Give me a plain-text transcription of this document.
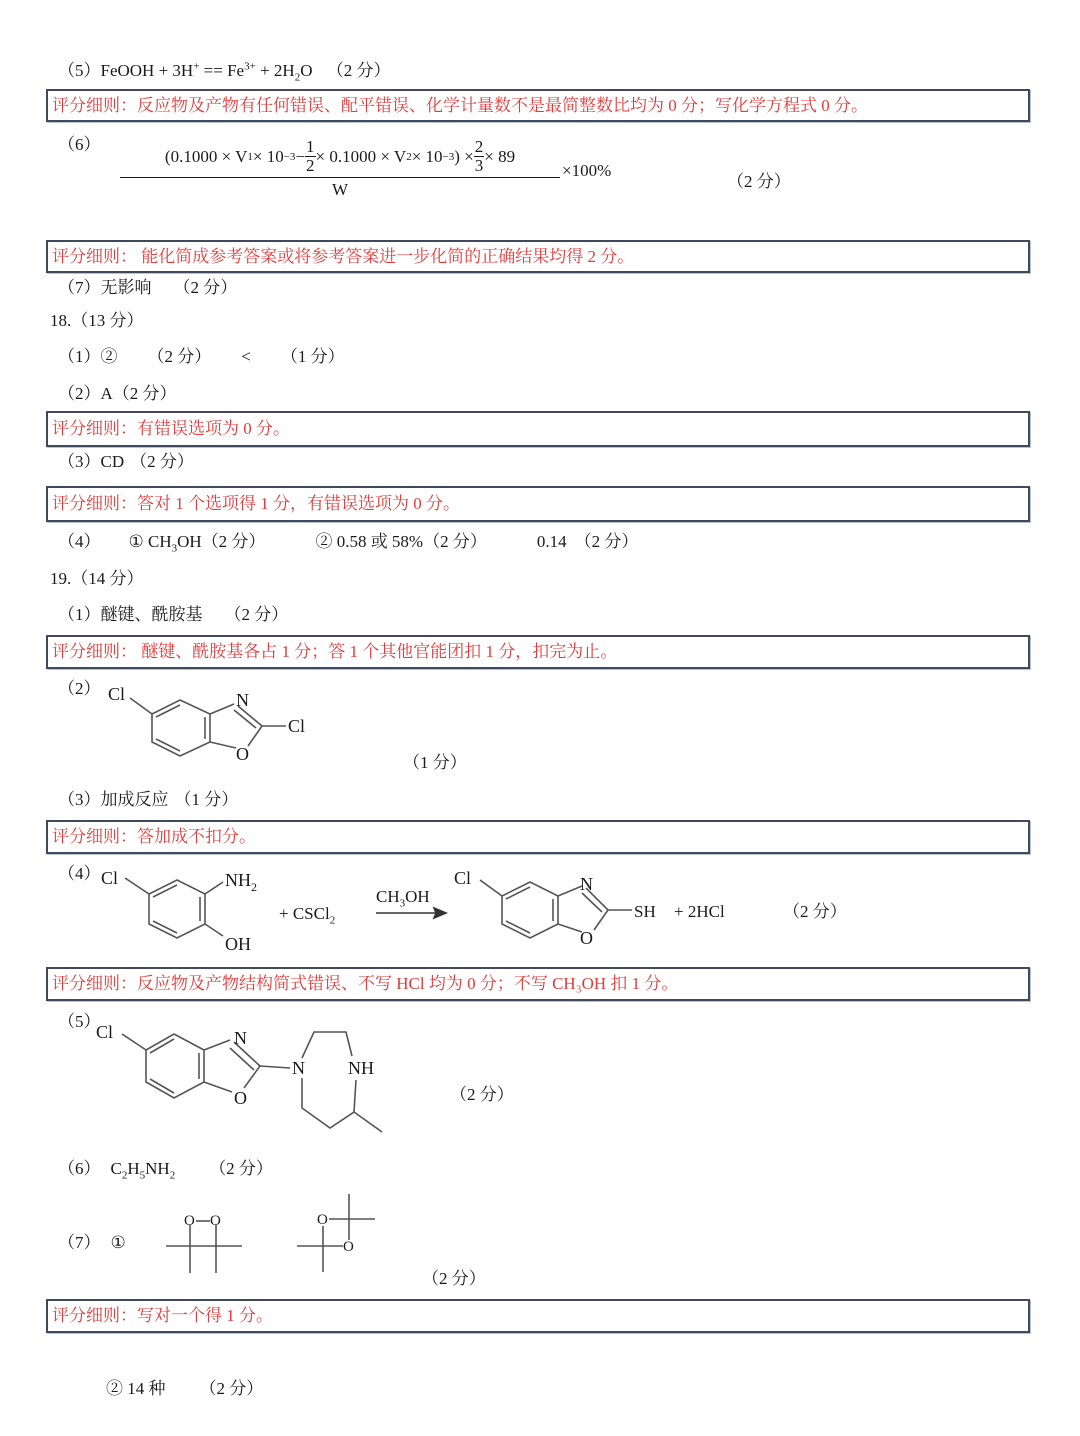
（5）FeOOH + $3H^+ == Fe^{3+} + 2H_2O$ （2 分）
评分细则：反应物及产物有任何错误、配平错误、化学计量数不是最简整数比均为 0 分；写化学方程式 0 分。
（6）
(0.1000 × V $1 \times 10 -3 - \frac{1}{2} \times 0.1000 \times V$ 2 × 10 −3 ) × $\frac{2}{3} \times 89$
W
×100%
（2 分）
评分细则： 能化简成参考答案或将参考答案进一步化简的正确结果均得 2 分。
（7）无影响 （2 分）
18.（13 分）
（1）② （2 分） < （1 分）
（2）A（2 分）
评分细则：有错误选项为 0 分。
（3）CD （2 分）
评分细则：答对 1 个选项得 1 分，有错误选项为 0 分。
（4） ① $CH_3OH(2$ 分）	② 0.58 或 58%（2 分）	0.14 （2 分）
19.（14 分）
（1）醚键、酰胺基 （2 分）
评分细则： 醚键、酰胺基各占 1 分；答 1 个其他官能团扣 1 分，扣完为止。
（2） Cl	N
O
Cl
（1 分）
（3）加成反应 （1 分）
评分细则：答加成不扣分。
（4） Cl	$NH_2$
OH
+ CSCl$_2$
$CH_3OH$
Cl	N
O
SH + 2HCl	（2 分）
评分细则：反应物及产物结构简式错误、不写 HCl 均为 0 分；不写 CH₃OH 扣 1 分。
（5）
Cl	N
O
N NH
（2 分）
（6） $C_2H_5NH_2$ （2 分）
（7） ①
O O	O
O
（2 分）
评分细则：写对一个得 1 分。
② 14 种 （2 分）
